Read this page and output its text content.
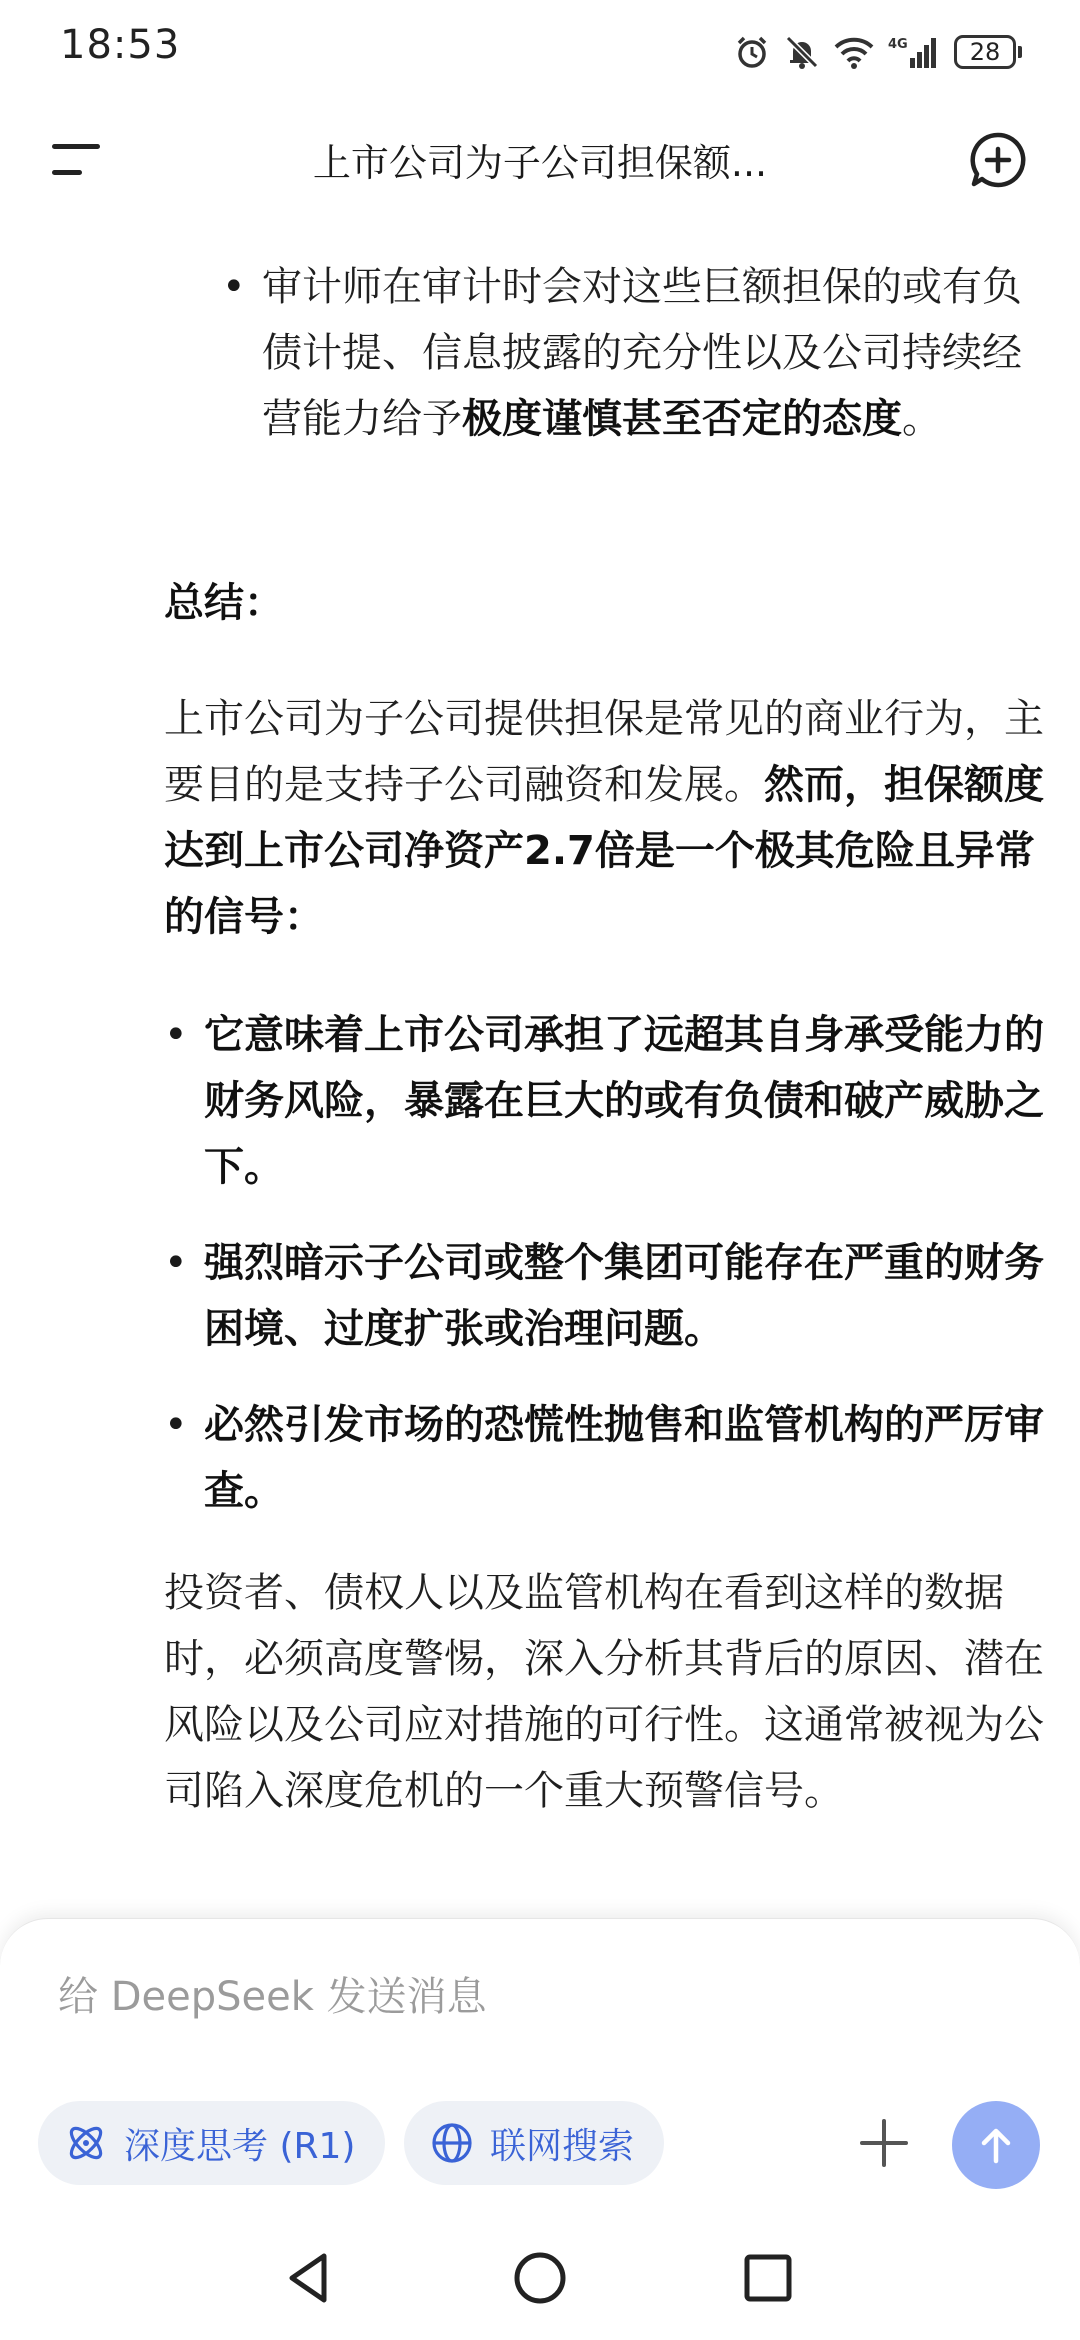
18:53	4G	28
上市公司为子公司担保额...
• 审计师在审计时会对这些巨额担保的或有负债计提、信息披露的充分性以及公司持续经营能力给予极度谨慎甚至否定的态度。
总结：
上市公司为子公司提供担保是常见的商业行为，主要目的是支持子公司融资和发展。然而，担保额度达到上市公司净资产2.7倍是一个极其危险且异常的信号：
• 它意味着上市公司承担了远超其自身承受能力的财务风险，暴露在巨大的或有负债和破产威胁之下。
• 强烈暗示子公司或整个集团可能存在严重的财务困境、过度扩张或治理问题。
• 必然引发市场的恐慌性抛售和监管机构的严厉审查。
投资者、债权人以及监管机构在看到这样的数据时，必须高度警惕，深入分析其背后的原因、潜在风险以及公司应对措施的可行性。这通常被视为公司陷入深度危机的一个重大预警信号。
给 DeepSeek 发送消息
深度思考 (R1)	联网搜索
